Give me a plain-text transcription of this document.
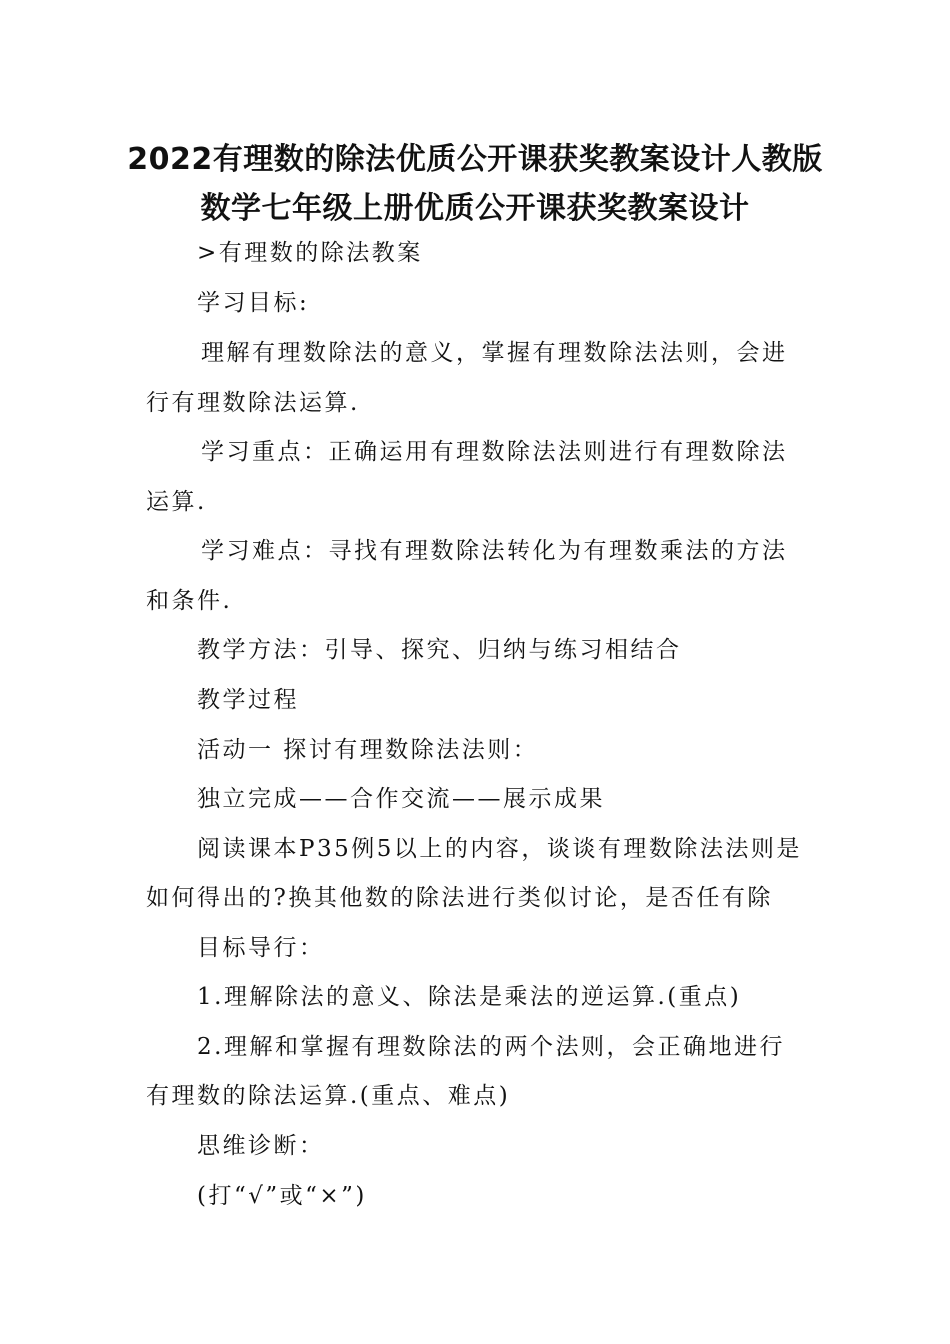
2022有理数的除法优质公开课获奖教案设计人教版
数学七年级上册优质公开课获奖教案设计
>有理数的除法教案
学习目标:
理解有理数除法的意义，掌握有理数除法法则，会进
行有理数除法运算.
学习重点：正确运用有理数除法法则进行有理数除法
运算.
学习难点：寻找有理数除法转化为有理数乘法的方法
和条件.
教学方法：引导、探究、归纳与练习相结合
教学过程
活动一 探讨有理数除法法则：
独立完成——合作交流——展示成果
阅读课本P35例5以上的内容，谈谈有理数除法法则是
如何得出的?换其他数的除法进行类似讨论，是否任有除
目标导行：
1.理解除法的意义、除法是乘法的逆运算.(重点)
2.理解和掌握有理数除法的两个法则，会正确地进行
有理数的除法运算.(重点、难点)
思维诊断：
(打“√”或“×”)
